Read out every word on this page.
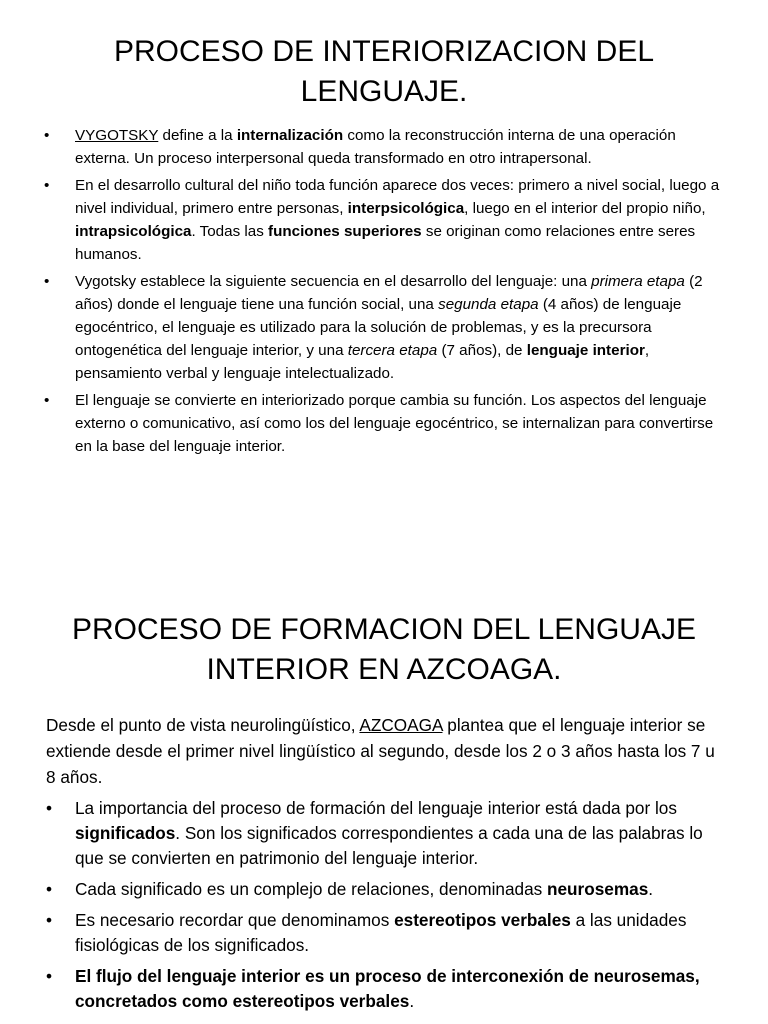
PROCESO DE INTERIORIZACION DEL LENGUAJE.
• VYGOTSKY define a la internalización como la reconstrucción interna de una operación externa. Un proceso interpersonal queda transformado en otro intrapersonal.
• En el desarrollo cultural del niño toda función aparece dos veces: primero a nivel social, luego a nivel individual, primero entre personas, interpsicológica, luego en el interior del propio niño, intrapsicológica. Todas las funciones superiores se originan como relaciones entre seres humanos.
• Vygotsky establece la siguiente secuencia en el desarrollo del lenguaje: una primera etapa (2 años) donde el lenguaje tiene una función social, una segunda etapa (4 años) de lenguaje egocéntrico, el lenguaje es utilizado para la solución de problemas, y es la precursora ontogenética del lenguaje interior, y una tercera etapa (7 años), de lenguaje interior, pensamiento verbal y lenguaje intelectualizado.
• El lenguaje se convierte en interiorizado porque cambia su función. Los aspectos del lenguaje externo o comunicativo, así como los del lenguaje egocéntrico, se internalizan para convertirse en la base del lenguaje interior.
PROCESO DE FORMACION DEL LENGUAJE INTERIOR EN AZCOAGA.

Desde el punto de vista neurolingüístico, AZCOAGA plantea que el lenguaje interior se extiende desde el primer nivel lingüístico al segundo, desde los 2 o 3 años hasta los 7 u 8 años.

• La importancia del proceso de formación del lenguaje interior está dada por los significados. Son los significados correspondientes a cada una de las palabras lo que se convierten en patrimonio del lenguaje interior.
• Cada significado es un complejo de relaciones, denominadas neurosemas.
• Es necesario recordar que denominamos estereotipos verbales a las unidades fisiológicas de los significados.
• El flujo del lenguaje interior es un proceso de interconexión de neurosemas, concretados como estereotipos verbales.
